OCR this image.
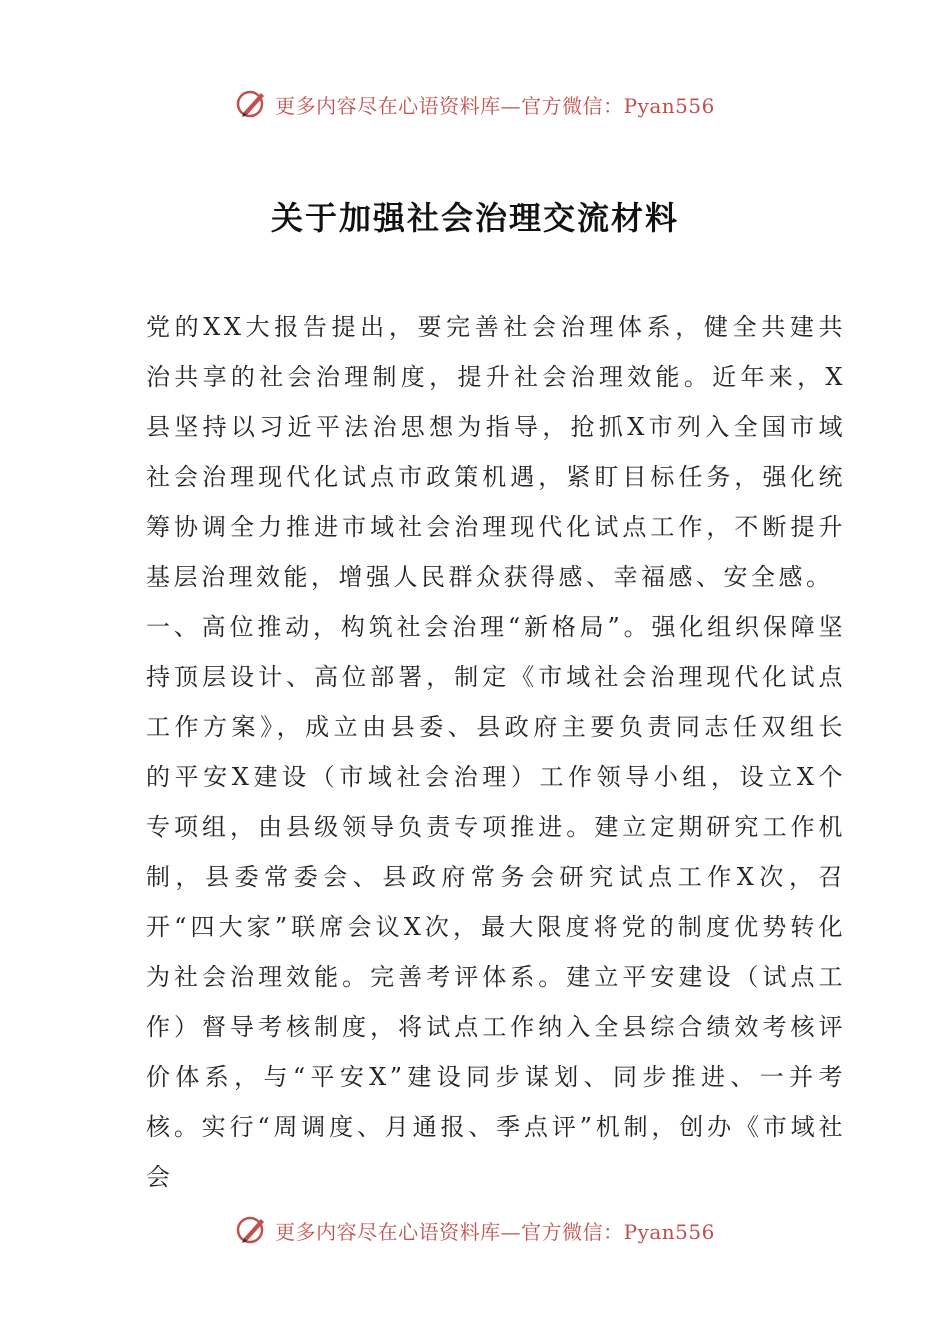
更多内容尽在心语资料库—官方微信：Pyan556
关于加强社会治理交流材料

党的XX大报告提出，要完善社会治理体系，健全共建共治共享的社会治理制度，提升社会治理效能。近年来，X县坚持以习近平法治思想为指导，抢抓X市列入全国市域社会治理现代化试点市政策机遇，紧盯目标任务，强化统筹协调全力推进市域社会治理现代化试点工作，不断提升基层治理效能，增强人民群众获得感、幸福感、安全感。

一、高位推动，构筑社会治理“新格局”。强化组织保障坚持顶层设计、高位部署，制定《市域社会治理现代化试点工作方案》，成立由县委、县政府主要负责同志任双组长的平安X建设（市域社会治理）工作领导小组，设立X个专项组，由县级领导负责专项推进。建立定期研究工作机制，县委常委会、县政府常务会研究试点工作X次，召开“四大家”联席会议X次，最大限度将党的制度优势转化为社会治理效能。完善考评体系。建立平安建设（试点工作）督导考核制度，将试点工作纳入全县综合绩效考核评价体系，与“平安X”建设同步谋划、同步推进、一并考核。实行“周调度、月通报、季点评”机制，创办《市域社会

更多内容尽在心语资料库—官方微信：Pyan556
